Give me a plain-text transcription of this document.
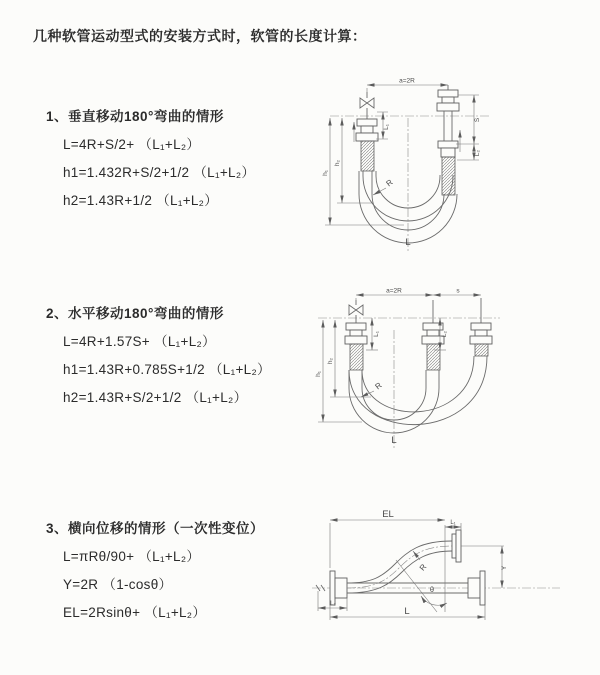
几种软管运动型式的安装方式时，软管的长度计算：

1、垂直移动180°弯曲的情形

L=4R+S/2+ （L₁+L₂）

h1=1.432R+S/2+1/2 （L₁+L₂）

h2=1.43R+1/2 （L₁+L₂）

2、水平移动180°弯曲的情形

L=4R+1.57S+ （L₁+L₂）

h1=1.43R+0.785S+1/2 （L₁+L₂）

h2=1.43R+S/2+1/2 （L₁+L₂）

3、横向位移的情形（一次性变位）

L=πRθ/90+ （L₁+L₂）

Y=2R （1-cosθ）

EL=2Rsinθ+ （L₁+L₂）

a=2R
L₁
S
L₂
h₁
h₂
R
L
a=2R	s
L₁	L₂
h₁
h₂
R
L
θ
R
EL
L₁
Y
L
L₂
